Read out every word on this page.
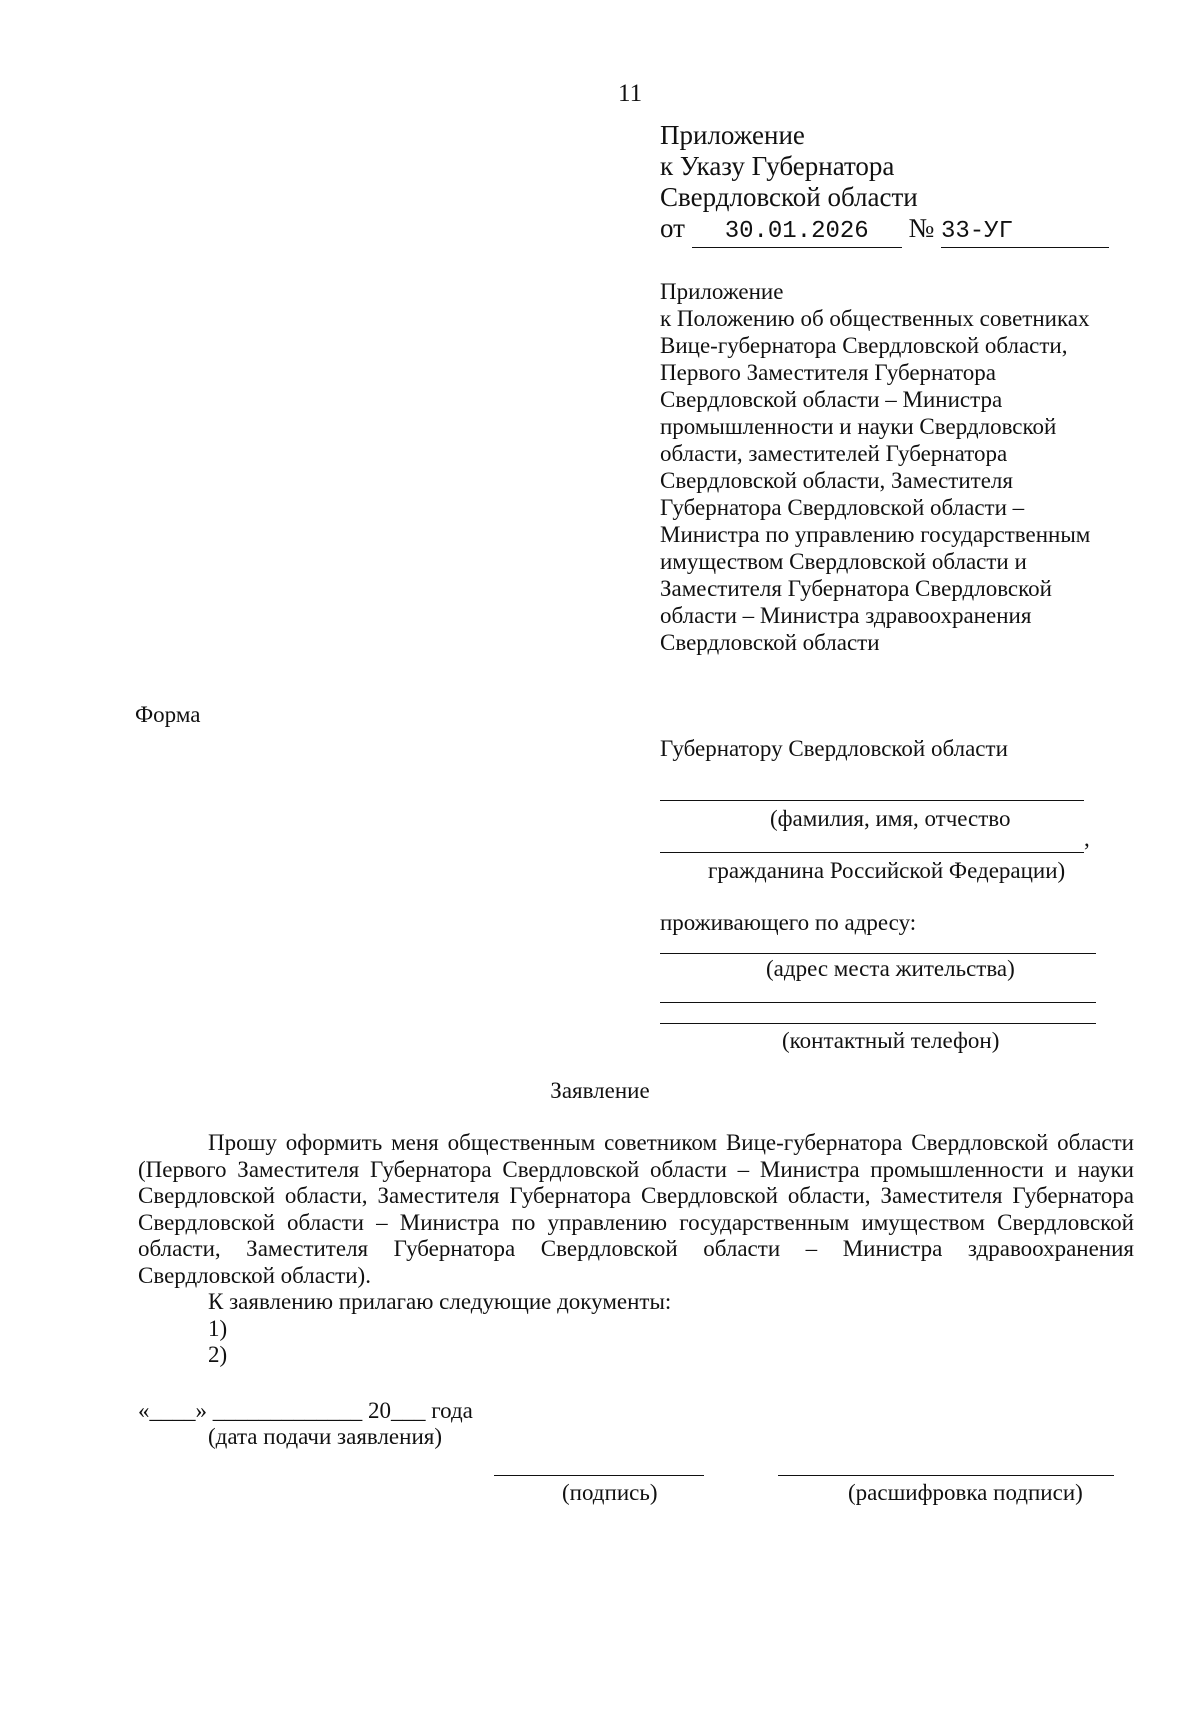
11
Приложение
к Указу Губернатора
Свердловской области
от 30.01.2026 № 33-УГ
Приложение
к Положению об общественных советниках
Вице-губернатора Свердловской области,
Первого Заместителя Губернатора
Свердловской области – Министра
промышленности и науки Свердловской
области, заместителей Губернатора
Свердловской области, Заместителя
Губернатора Свердловской области –
Министра по управлению государственным
имуществом Свердловской области и
Заместителя Губернатора Свердловской
области – Министра здравоохранения
Свердловской области
Форма
Губернатору Свердловской области
(фамилия, имя, отчество
,
гражданина Российской Федерации)
проживающего по адресу:
(адрес места жительства)
(контактный телефон)
Заявление

Прошу оформить меня общественным советником Вице-губернатора Свердловской области (Первого Заместителя Губернатора Свердловской области – Министра промышленности и науки Свердловской области, Заместителя Губернатора Свердловской области, Заместителя Губернатора Свердловской области – Министра по управлению государственным имуществом Свердловской области, Заместителя Губернатора Свердловской области – Министра здравоохранения Свердловской области).

К заявлению прилагаю следующие документы:

1)

2)

«____» _____________ 20___ года
(дата подачи заявления)
(подпись)	(расшифровка подписи)
